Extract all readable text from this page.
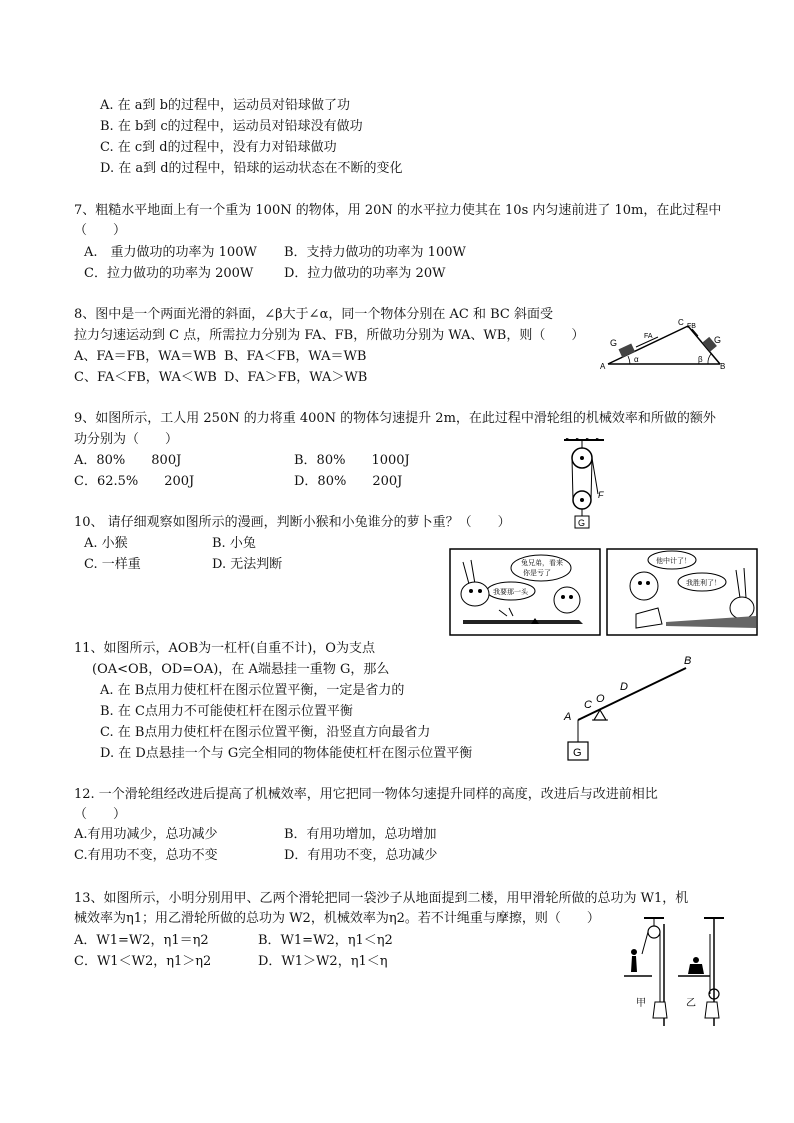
A. 在 a到 b的过程中，运动员对铅球做了功
B. 在 b到 c的过程中，运动员对铅球没有做功
C. 在 c到 d的过程中，没有力对铅球做功
D. 在 a到 d的过程中，铅球的运动状态在不断的变化
7、粗糙水平地面上有一个重为 100N 的物体，用 20N 的水平拉力使其在 10s 内匀速前进了 10m，在此过程中
（　　）
A.　重力做功的功率为 100W B．支持力做功的功率为 100W
C．拉力做功的功率为 200W D．拉力做功的功率为 20W
8、图中是一个两面光滑的斜面，∠β大于∠α，同一个物体分别在 AC 和 BC 斜面受
拉力匀速运动到 C 点，所需拉力分别为 FA、FB，所做功分别为 WA、WB，则（　　）
A、FA＝FB，WA＝WB B、FA＜FB，WA＝WB
C、FA＜FB，WA＜WB D、FA＞FB，WA＞WB
G	G
FA
FB
C
α	β
A	B
9、如图所示，工人用 250N 的力将重 400N 的物体匀速提升 2m，在此过程中滑轮组的机械效率和所做的额外
功分别为（　　）
A．80%　　800J	B．80%　　1000J
C．62.5%　　200J	D．80%　　200J
G
F
10、 请仔细观察如图所示的漫画，判断小猴和小兔谁分的萝卜重？（　　）
A. 小猴	B. 小兔
C. 一样重	D. 无法判断	兔兄弟，看来
你是亏了
我要那一头
他中计了！
我胜利了！
11、如图所示，AOB为一杠杆(自重不计)，O为支点
(OA<OB，OD=OA)，在 A端悬挂一重物 G，那么
A. 在 B点用力使杠杆在图示位置平衡，一定是省力的
B. 在 C点用力不可能使杠杆在图示位置平衡
C. 在 B点用力使杠杆在图示位置平衡，沿竖直方向最省力
D. 在 D点悬挂一个与 G完全相同的物体能使杠杆在图示位置平衡	G
A
C O
D
B
12. 一个滑轮组经改进后提高了机械效率，用它把同一物体匀速提升同样的高度，改进后与改进前相比
（　　）
A.有用功减少，总功减少	B．有用功增加，总功增加
C.有用功不变，总功不变	D．有用功不变，总功减少
13、如图所示，小明分别用甲、乙两个滑轮把同一袋沙子从地面提到二楼，用甲滑轮所做的总功为 W1，机
械效率为η1；用乙滑轮所做的总功为 W2，机械效率为η2。若不计绳重与摩擦，则（　　）
A．W1=W2，η1＝η2	B．W1=W2，η1＜η2
C．W1＜W2，η1＞η2	D．W1＞W2，η1＜η
甲	乙
